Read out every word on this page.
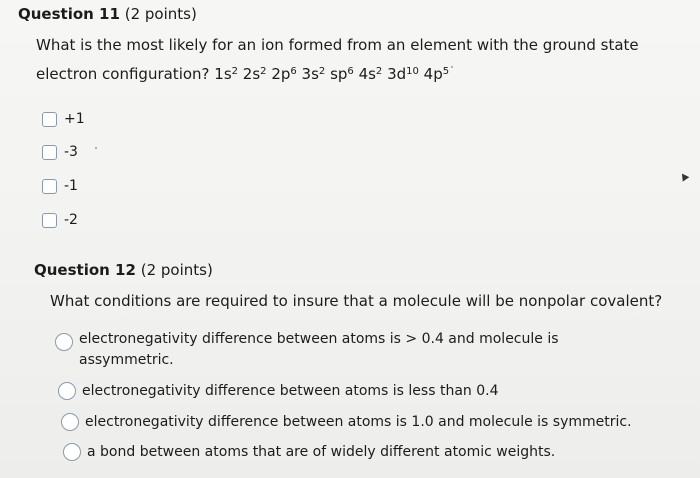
Question 11 (2 points)
What is the most likely for an ion formed from an element with the ground state
electron configuration? $1s^2$ $2s^2$ $2p^6$ $3s^2$ $sp^6$ $4s^2$ $3d^{10}$ $4p^5$
+1
-3
-1
-2
Question 12 (2 points)
What conditions are required to insure that a molecule will be nonpolar covalent?
electronegativity difference between atoms is > 0.4 and molecule is
assymmetric.
electronegativity difference between atoms is less than 0.4
electronegativity difference between atoms is 1.0 and molecule is symmetric.
a bond between atoms that are of widely different atomic weights.
